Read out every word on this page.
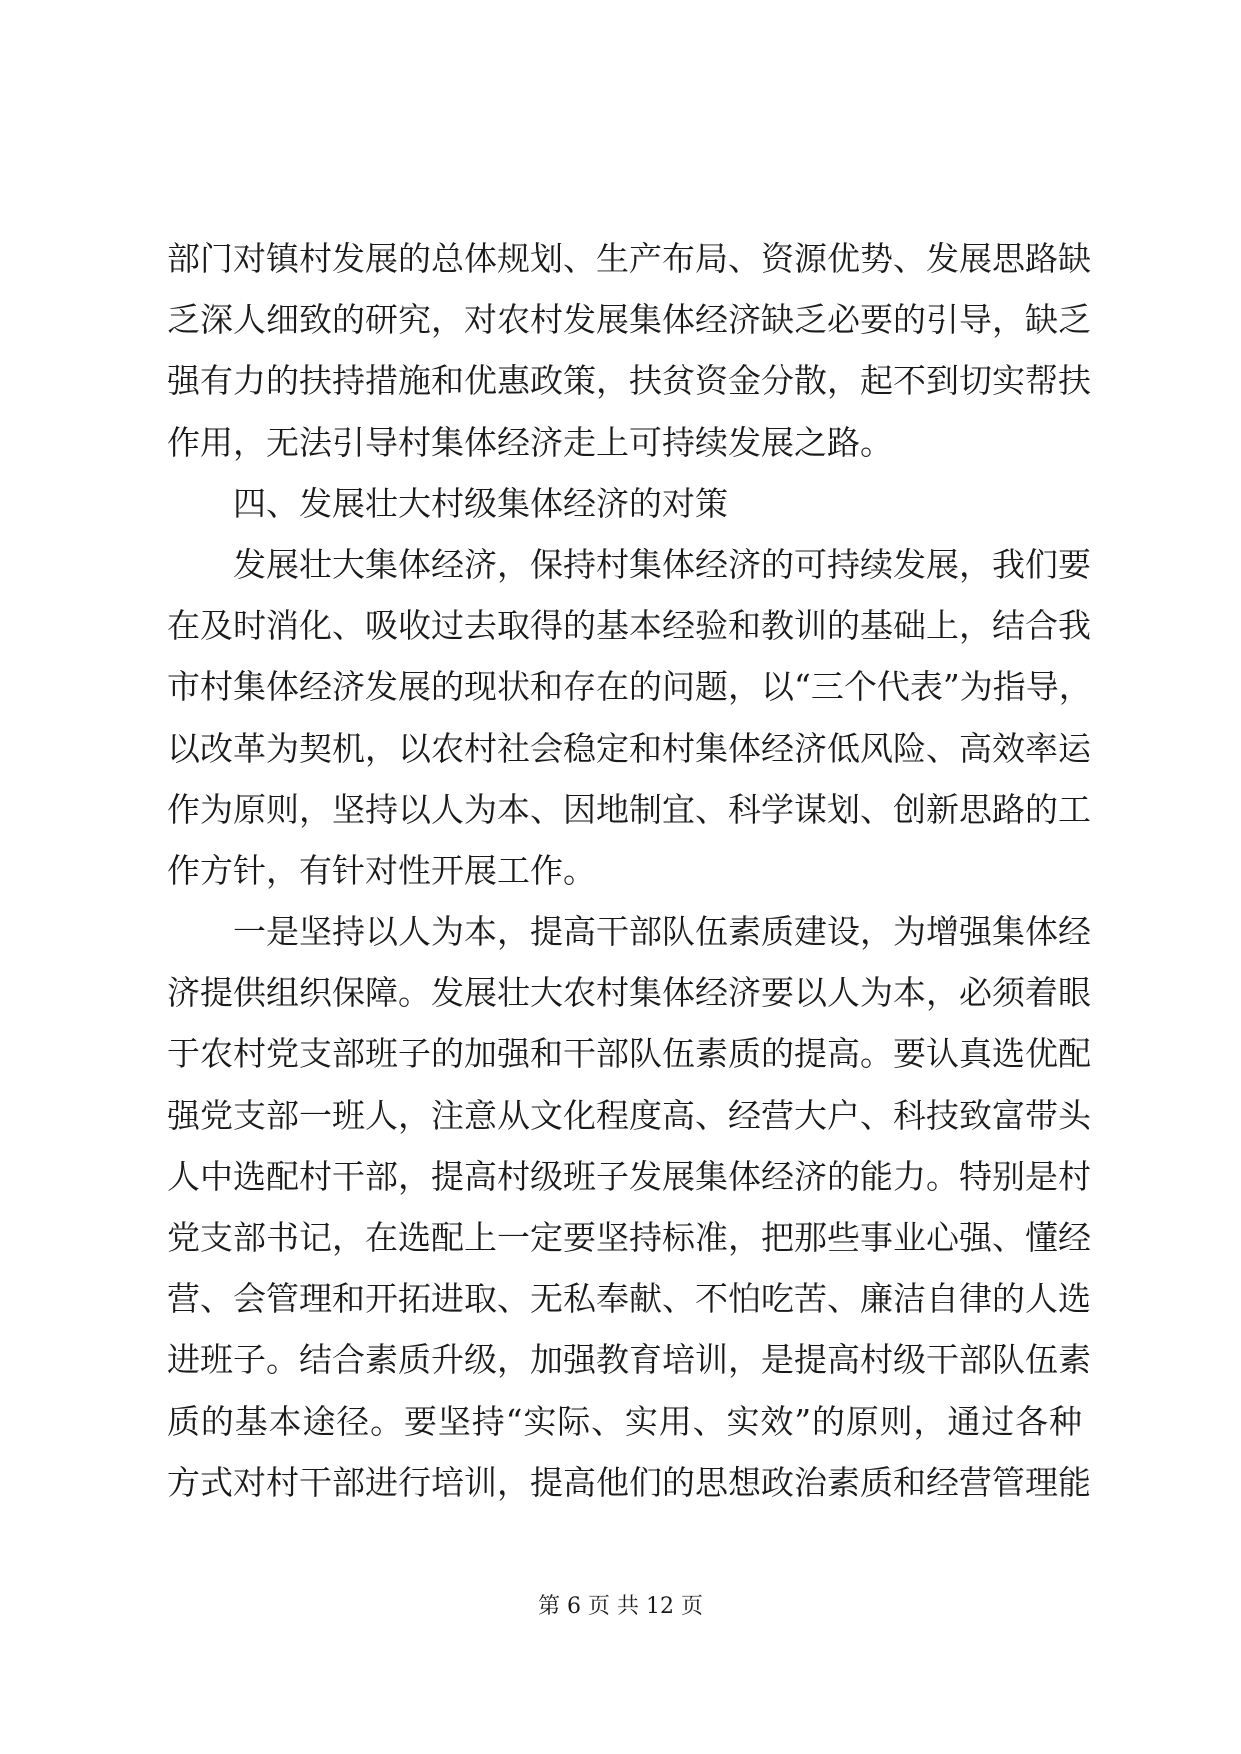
部门对镇村发展的总体规划、生产布局、资源优势、发展思路缺
乏深人细致的研究，对农村发展集体经济缺乏必要的引导，缺乏
强有力的扶持措施和优惠政策，扶贫资金分散，起不到切实帮扶
作用，无法引导村集体经济走上可持续发展之路。
四、发展壮大村级集体经济的对策
发展壮大集体经济，保持村集体经济的可持续发展，我们要
在及时消化、吸收过去取得的基本经验和教训的基础上，结合我
市村集体经济发展的现状和存在的问题，以“三个代表”为指导，
以改革为契机，以农村社会稳定和村集体经济低风险、高效率运
作为原则，坚持以人为本、因地制宜、科学谋划、创新思路的工
作方针，有针对性开展工作。
一是坚持以人为本，提高干部队伍素质建设，为增强集体经
济提供组织保障。发展壮大农村集体经济要以人为本，必须着眼
于农村党支部班子的加强和干部队伍素质的提高。要认真选优配
强党支部一班人，注意从文化程度高、经营大户、科技致富带头
人中选配村干部，提高村级班子发展集体经济的能力。特别是村
党支部书记，在选配上一定要坚持标准，把那些事业心强、懂经
营、会管理和开拓进取、无私奉献、不怕吃苦、廉洁自律的人选
进班子。结合素质升级，加强教育培训，是提高村级干部队伍素
质的基本途径。要坚持“实际、实用、实效”的原则，通过各种
方式对村干部进行培训，提高他们的思想政治素质和经营管理能
第 6 页 共 12 页
